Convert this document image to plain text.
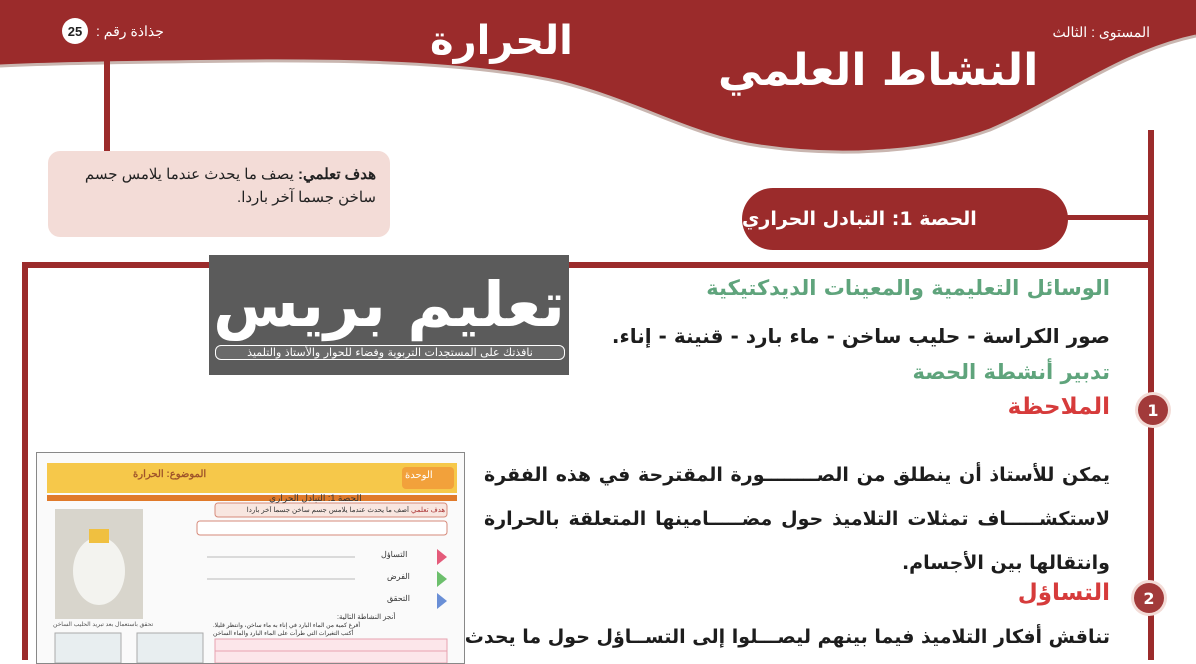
المستوى : الثالث
جذاذة رقم :
25	الحرارة
النشاط العلمي
هدف تعلمي: يصف ما يحدث عندما يلامس جسم ساخن جسما آخر باردا.
الحصة 1: التبادل الحراري
تعليم بريس
نافذتك على المستجدات التربوية وفضاء للحوار والأستاذ والتلميذ
الوسائل التعليمية والمعينات الديدكتيكية
صور الكراسة - حليب ساخن - ماء بارد - قنينة - إناء.
تدبير أنشطة الحصة
1
الملاحظة
يمكن للأستاذ أن ينطلق من الصــــــــورة المقترحة في هذه الفقرة لاستكشـــــاف تمثلات التلاميذ حول مضـــــامينها المتعلقة بالحرارة وانتقالها بين الأجسام.
2
التساؤل
تناقش أفكار التلاميذ فيما بينهم ليصـــلوا إلى التســاؤل حول ما يحدث
الوحدة
الموضوع: الحرارة
الحصة 1: التبادل الحراري
هدف تعلمي
أصف ما يحدث عندما يلامس جسم ساخن جسما آخر باردا
التساؤل
الفرض
التحقق
تحقق باستعمال بعد تبريد الحليب الساخن
أنجز النشاطة التالية:
أفرغ كمية من الماء البارد في إناء به ماء ساخن، وانتظر قليلا.
أكتب التغيرات التي طرأت على الماء البارد والماء الساخن
